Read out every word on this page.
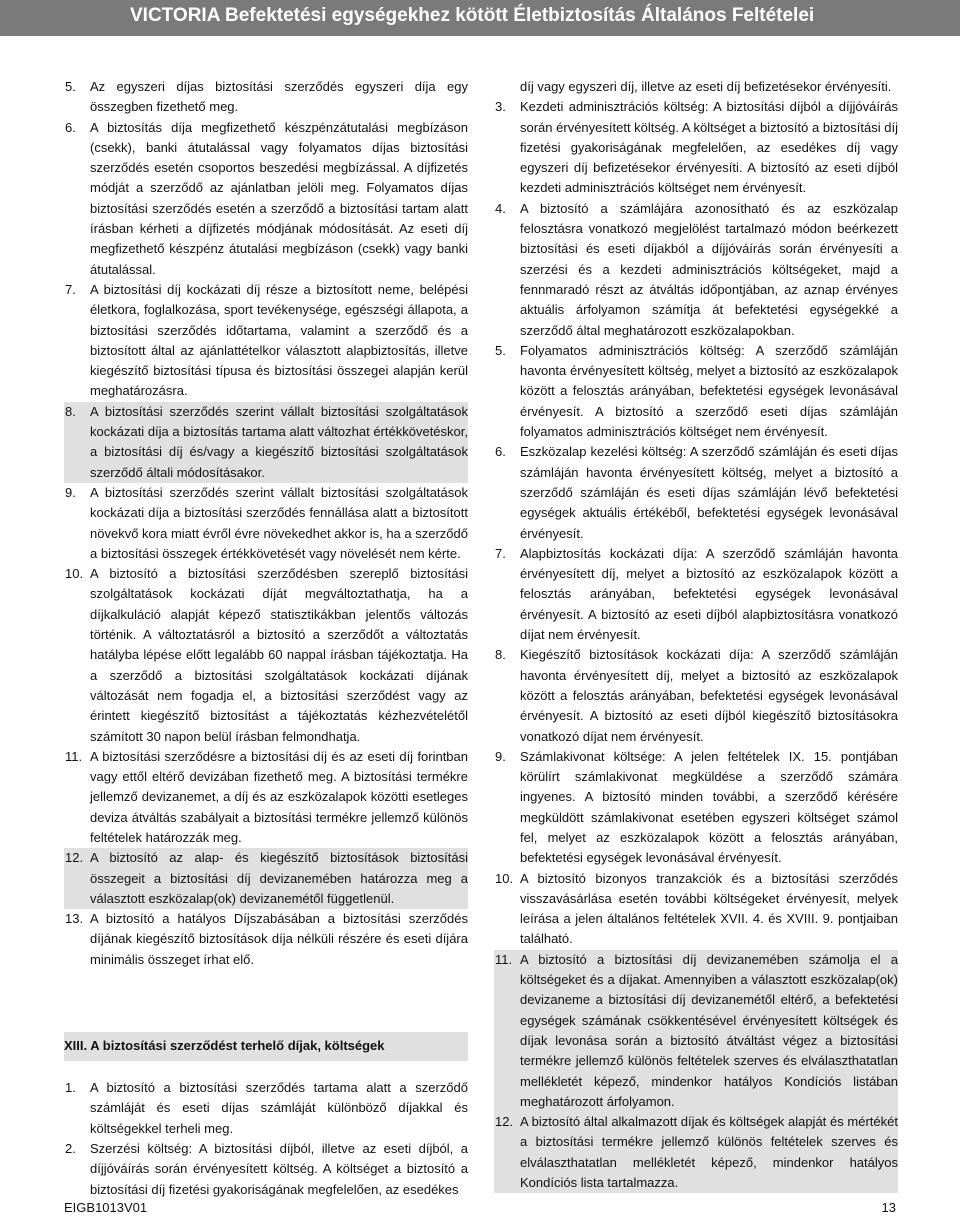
VICTORIA Befektetési egységekhez kötött Életbiztosítás Általános Feltételei
5. Az egyszeri díjas biztosítási szerződés egyszeri díja egy összegben fizethető meg.
6. A biztosítás díja megfizethető készpénzátutalási megbízáson (csekk), banki átutalással vagy folyamatos díjas biztosítási szerződés esetén csoportos beszedési megbízással. A díjfizetés módját a szerződő az ajánlatban jelöli meg. Folyamatos díjas biztosítási szerződés esetén a szerződő a biztosítási tartam alatt írásban kérheti a díjfizetés módjának módosítását. Az eseti díj megfizethető készpénz átutalási megbízáson (csekk) vagy banki átutalással.
7. A biztosítási díj kockázati díj része a biztosított neme, belépési életkora, foglalkozása, sport tevékenysége, egészségi állapota, a biztosítási szerződés időtartama, valamint a szerződő és a biztosított által az ajánlattételkor választott alapbiztosítás, illetve kiegészítő biztosítási típusa és biztosítási összegei alapján kerül meghatározásra.
8. A biztosítási szerződés szerint vállalt biztosítási szolgáltatások kockázati díja a biztosítás tartama alatt változhat értékkövetéskor, a biztosítási díj és/vagy a kiegészítő biztosítási szolgáltatások szerződő általi módosításakor.
9. A biztosítási szerződés szerint vállalt biztosítási szolgáltatások kockázati díja a biztosítási szerződés fennállása alatt a biztosított növekvő kora miatt évről évre növekedhet akkor is, ha a szerződő a biztosítási összegek értékkövetését vagy növelését nem kérte.
10. A biztosító a biztosítási szerződésben szereplő biztosítási szolgáltatások kockázati díját megváltoztathatja, ha a díjkalkuláció alapját képező statisztikákban jelentős változás történik. A változtatásról a biztosító a szerződőt a változtatás hatályba lépése előtt legalább 60 nappal írásban tájékoztatja. Ha a szerződő a biztosítási szolgáltatások kockázati díjának változását nem fogadja el, a biztosítási szerződést vagy az érintett kiegészítő biztosítást a tájékoztatás kézhezvételétől számított 30 napon belül írásban felmondhatja.
11. A biztosítási szerződésre a biztosítási díj és az eseti díj forintban vagy ettől eltérő devizában fizethető meg. A biztosítási termékre jellemző devizanemet, a díj és az eszközalapok közötti esetleges deviza átváltás szabályait a biztosítási termékre jellemző különös feltételek határozzák meg.
12. A biztosító az alap- és kiegészítő biztosítások biztosítási összegeit a biztosítási díj devizanemében határozza meg a választott eszközalap(ok) devizanemétől függetlenül.
13. A biztosító a hatályos Díjszabásában a biztosítási szerződés díjának kiegészítő biztosítások díja nélküli részére és eseti díjára minimális összeget írhat elő.
XIII. A biztosítási szerződést terhelő díjak, költségek
1. A biztosító a biztosítási szerződés tartama alatt a szerződő számláját és eseti díjas számláját különböző díjakkal és költségekkel terheli meg.
2. Szerzési költség: A biztosítási díjból, illetve az eseti díjból, a díjjóváírás során érvényesített költség. A költséget a biztosító a biztosítási díj fizetési gyakoriságának megfelelően, az esedékes
díj vagy egyszeri díj, illetve az eseti díj befizetésekor érvényesíti.
3. Kezdeti adminisztrációs költség: A biztosítási díjból a díjjóváírás során érvényesített költség. A költséget a biztosító a biztosítási díj fizetési gyakoriságának megfelelően, az esedékes díj vagy egyszeri díj befizetésekor érvényesíti. A biztosító az eseti díjból kezdeti adminisztrációs költséget nem érvényesít.
4. A biztosító a számlájára azonosítható és az eszközalap felosztásra vonatkozó megjelölést tartalmazó módon beérkezett biztosítási és eseti díjakból a díjjóváírás során érvényesíti a szerzési és a kezdeti adminisztrációs költségeket, majd a fennmaradó részt az átváltás időpontjában, az aznap érvényes aktuális árfolyamon számítja át befektetési egységekké a szerződő által meghatározott eszközalapokban.
5. Folyamatos adminisztrációs költség: A szerződő számláján havonta érvényesített költség, melyet a biztosító az eszközalapok között a felosztás arányában, befektetési egységek levonásával érvényesít. A biztosító a szerződő eseti díjas számláján folyamatos adminisztrációs költséget nem érvényesít.
6. Eszközalap kezelési költség: A szerződő számláján és eseti díjas számláján havonta érvényesített költség, melyet a biztosító a szerződő számláján és eseti díjas számláján lévő befektetési egységek aktuális értékéből, befektetési egységek levonásával érvényesít.
7. Alapbiztosítás kockázati díja: A szerződő számláján havonta érvényesített díj, melyet a biztosító az eszközalapok között a felosztás arányában, befektetési egységek levonásával érvényesít. A biztosító az eseti díjból alapbiztosításra vonatkozó díjat nem érvényesít.
8. Kiegészítő biztosítások kockázati díja: A szerződő számláján havonta érvényesített díj, melyet a biztosító az eszközalapok között a felosztás arányában, befektetési egységek levonásával érvényesít. A biztosító az eseti díjból kiegészítő biztosításokra vonatkozó díjat nem érvényesít.
9. Számlakivonat költsége: A jelen feltételek IX. 15. pontjában körülírt számlakivonat megküldése a szerződő számára ingyenes. A biztosító minden további, a szerződő kérésére megküldött számlakivonat esetében egyszeri költséget számol fel, melyet az eszközalapok között a felosztás arányában, befektetési egységek levonásával érvényesít.
10. A biztosító bizonyos tranzakciók és a biztosítási szerződés visszavásárlása esetén további költségeket érvényesít, melyek leírása a jelen általános feltételek XVII. 4. és XVIII. 9. pontjaiban található.
11. A biztosító a biztosítási díj devizanemében számolja el a költségeket és a díjakat. Amennyiben a választott eszközalap(ok) devizaneme a biztosítási díj devizanemétől eltérő, a befektetési egységek számának csökkentésével érvényesített költségek és díjak levonása során a biztosító átváltást végez a biztosítási termékre jellemző különös feltételek szerves és elválaszthatatlan mellékletét képező, mindenkor hatályos Kondíciós listában meghatározott árfolyamon.
12. A biztosító által alkalmazott díjak és költségek alapját és mértékét a biztosítási termékre jellemző különös feltételek szerves és elválaszthatatlan mellékletét képező, mindenkor hatályos Kondíciós lista tartalmazza.
EIGB1013V01	13
